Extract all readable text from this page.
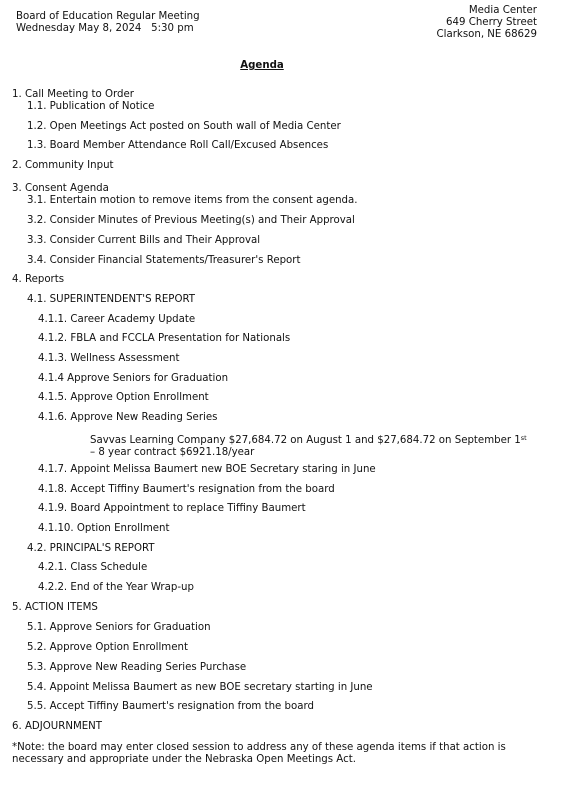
Board of Education Regular Meeting
Wednesday May 8, 2024   5:30 pm
Media Center
649 Cherry Street
Clarkson, NE 68629
Agenda
1. Call Meeting to Order
1.1. Publication of Notice
1.2. Open Meetings Act posted on South wall of Media Center
1.3. Board Member Attendance Roll Call/Excused Absences
2. Community Input
3. Consent Agenda
3.1. Entertain motion to remove items from the consent agenda.
3.2. Consider Minutes of Previous Meeting(s) and Their Approval
3.3. Consider Current Bills and Their Approval
3.4. Consider Financial Statements/Treasurer's Report
4. Reports
4.1. SUPERINTENDENT'S REPORT
4.1.1. Career Academy Update
4.1.2. FBLA and FCCLA Presentation for Nationals
4.1.3. Wellness Assessment
4.1.4 Approve Seniors for Graduation
4.1.5. Approve Option Enrollment
4.1.6. Approve New Reading Series
Savvas Learning Company $27,684.72 on August 1 and $27,684.72 on September 1st
– 8 year contract $6921.18/year
4.1.7. Appoint Melissa Baumert new BOE Secretary staring in June
4.1.8. Accept Tiffiny Baumert's resignation from the board
4.1.9. Board Appointment to replace Tiffiny Baumert
4.1.10. Option Enrollment
4.2. PRINCIPAL'S REPORT
4.2.1. Class Schedule
4.2.2. End of the Year Wrap-up
5. ACTION ITEMS
5.1. Approve Seniors for Graduation
5.2. Approve Option Enrollment
5.3. Approve New Reading Series Purchase
5.4. Appoint Melissa Baumert as new BOE secretary starting in June
5.5. Accept Tiffiny Baumert's resignation from the board
6. ADJOURNMENT
*Note: the board may enter closed session to address any of these agenda items if that action is
necessary and appropriate under the Nebraska Open Meetings Act.
